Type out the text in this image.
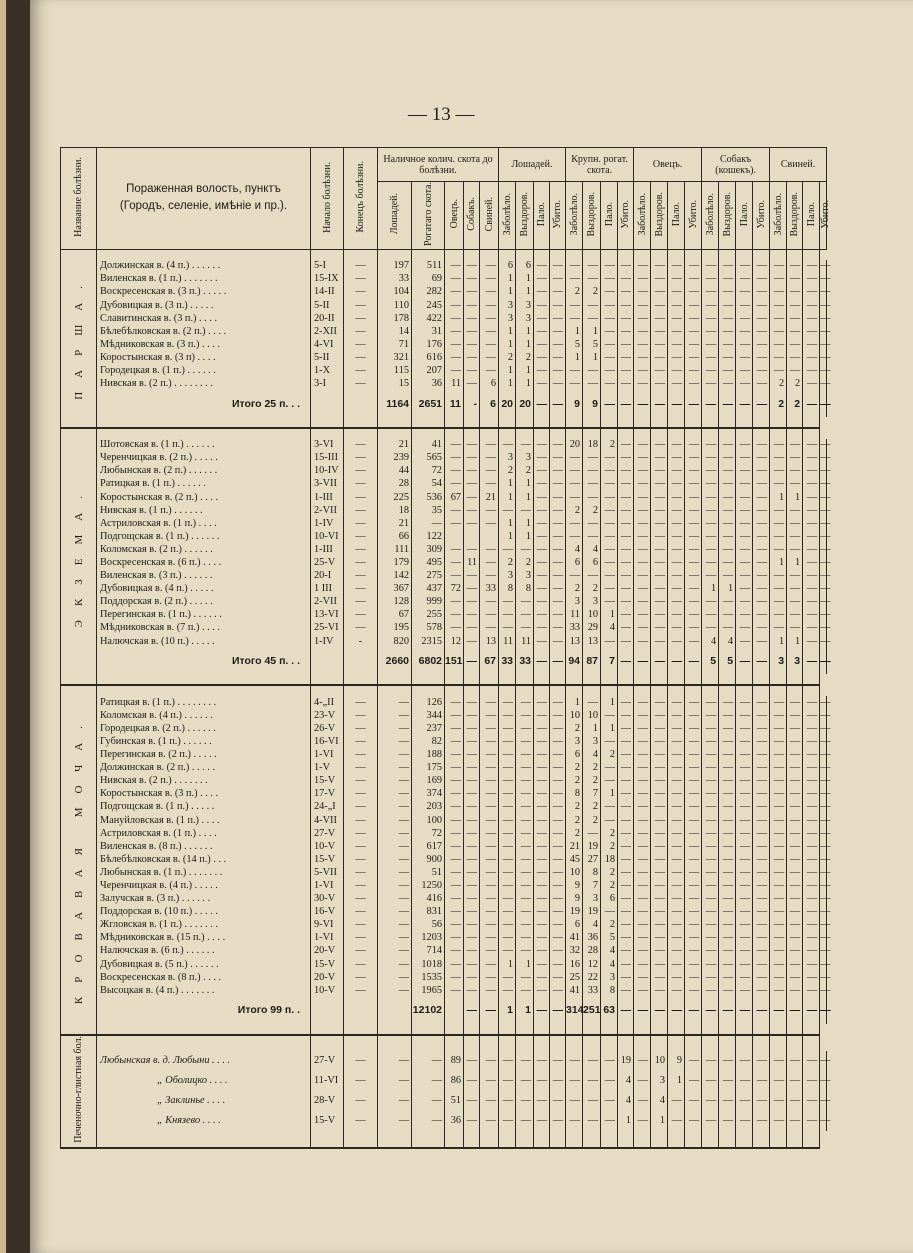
— 13 —
Название болѣзни.	Пораженная волость, пунктъ
(Городъ, селеніе, имѣніе и пр.).	Начало болѣзни.	Конецъ болѣзни.	Наличное колич. скота до болѣзни.					Лошадей.				Крупн. рогат. скота.				Овецъ.				Собакъ (кошекъ).				Свиней.			
				Лошадей.	Рогатаго скота.	Овецъ.	Собакъ.	Свиней.	Заболѣло.	Выздоров.	Пало.	Убито.	Заболѣло.	Выздоров.	Пало.	Убито.	Заболѣло.	Выздоров.	Пало.	Убито.	Заболѣло.	Выздоров.	Пало.	Убито.	Заболѣло.	Выздоров.	Пало.	Убито.
ПАРША.																												
	Должинская в. (4 п.) . . . . . .	5-I	—	197	511	—	—	—	6	6	—	—	—	—	—	—	—	—	—	—	—	—	—	—	—	—	—	—
	Виленская в. (1 п.) . . . . . . .	15-IX	—	33	69	—	—	—	1	1	—	—	—	—	—	—	—	—	—	—	—	—	—	—	—	—	—	—
	Воскресенская в. (3 п.) . . . . .	14-II	—	104	282	—	—	—	1	1	—	—	2	2	—	—	—	—	—	—	—	—	—	—	—	—	—	—
	Дубовицкая в. (3 п.) . . . . .	5-II	—	110	245	—	—	—	3	3	—	—	—	—	—	—	—	—	—	—	—	—	—	—	—	—	—	—
	Славитинская в. (3 п.) . . . .	20-II	—	178	422	—	—	—	3	3	—	—	—	—	—	—	—	—	—	—	—	—	—	—	—	—	—	—
	Бѣлебѣлковская в. (2 п.) . . . .	2-XII	—	14	31	—	—	—	1	1	—	—	1	1	—	—	—	—	—	—	—	—	—	—	—	—	—	—
	Мѣдниковская в. (3 п.) . . . .	4-VI	—	71	176	—	—	—	1	1	—	—	5	5	—	—	—	—	—	—	—	—	—	—	—	—	—	—
	Коростынская в. (3 п) . . . .	5-II	—	321	616	—	—	—	2	2	—	—	1	1	—	—	—	—	—	—	—	—	—	—	—	—	—	—
	Городецкая в. (1 п.) . . . . . .	1-X	—	115	207	—	—	—	1	1	—	—	—	—	—	—	—	—	—	—	—	—	—	—	—	—	—	—
	Нивская в. (2 п.) . . . . . . . .	3-I	—	15	36	11	—	6	1	1	—	—	—	—	—	—	—	—	—	—	—	—	—	—	2	2	—	—
	Итого 25 п. . .			1164	2651	11	-	6	20	20	—	—	9	9	—	—	—	—	—	—	—	—	—	—	2	2	—	—

ЭКЗЕМА.																												
	Шотовская в. (1 п.) . . . . . .	3-VI	—	21	41	—	—	—	—	—	—	—	20	18	2	—	—	—	—	—	—	—	—	—	—	—	—	—
	Черенчицкая в. (2 п.) . . . . .	15-III	—	239	565	—	—	—	3	3	—	—	—	—	—	—	—	—	—	—	—	—	—	—	—	—	—	—
	Любынская в. (2 п.) . . . . . .	10-IV	—	44	72	—	—	—	2	2	—	—	—	—	—	—	—	—	—	—	—	—	—	—	—	—	—	—
	Ратицкая в. (1 п.) . . . . . .	3-VII	—	28	54	—	—	—	1	1	—	—	—	—	—	—	—	—	—	—	—	—	—	—	—	—	—	—
	Коростынская в. (2 п.) . . . .	1-III	—	225	536	67	—	21	1	1	—	—	—	—	—	—	—	—	—	—	—	—	—	—	1	1	—	—
	Нивская в. (1 п.) . . . . . .	2-VII	—	18	35	—	—	—	—	—	—	—	2	2	—	—	—	—	—	—	—	—	—	—	—	—	—	—
	Астриловская в. (1 п.) . . . .	1-IV	—	21	—	—	—	—	1	1	—	—	—	—	—	—	—	—	—	—	—	—	—	—	—	—	—	—
	Подгощская в. (1 п.) . . . . . .	10-VI	—	66	122				1	1	—	—	—	—	—	—	—	—	—	—	—	—	—	—	—	—	—	—
	Коломская в. (2 п.) . . . . . .	1-III	—	111	309	—	—	—	—	—	—	—	4	4	—	—	—	—	—	—	—	—	—	—	—	—	—	—
	Воскресенская в. (6 п.) . . . .	25-V	—	179	495	—	11	—	2	2	—	—	6	6	—	—	—	—	—	—	—	—	—	—	1	1	—	—
	Виленская в. (3 п.) . . . . . .	20-I	—	142	275	—	—	—	3	3	—	—	—	—	—	—	—	—	—	—	—	—	—	—	—	—	—	—
	Дубовицкая в. (4 п.) . . . . .	1 III	—	367	437	72	—	33	8	8	—	—	2	2	—	—	—	—	—	—	1	1	—	—	—	—	—	—
	Поддорская в. (2 п.) . . . . .	2-VII	—	128	999	—	—	—	—	—	—	—	3	3	—	—	—	—	—	—	—	—	—	—	—	—	—	—
	Перегинская в. (1 п.) . . . . . .	13-VI	—	67	255	—	—	—	—	—	—	—	11	10	1	—	—	—	—	—	—	—	—	—	—	—	—	—
	Мѣдниковская в. (7 п.) . . . .	25-VI	—	195	578	—	—	—	—	—	—	—	33	29	4	—	—	—	—	—	—	—	—	—	—	—	—	—
	Налючская в. (10 п.) . . . . .	1-IV	-	820	2315	12	—	13	11	11	—	—	13	13	—	—	—	—	—	—	4	4	—	—	1	1	—	—
	Итого 45 п. . .			2660	6802	151	—	67	33	33	—	—	94	87	7	—	—	—	—	—	5	5	—	—	3	3	—	—

КРОВАВАЯ МОЧА.																												
	Ратицкая в. (1 п.) . . . . . . . .	4-„II	—	—	126	—	—	—	—	—	—	—	1	—	1	—	—	—	—	—	—	—	—	—	—	—	—	—
	Коломская в. (4 п.) . . . . . .	23-V	—	—	344	—	—	—	—	—	—	—	10	10	—	—	—	—	—	—	—	—	—	—	—	—	—	—
	Городецкая в. (2 п.) . . . . . .	26-V	—	—	237	—	—	—	—	—	—	—	2	1	1	—	—	—	—	—	—	—	—	—	—	—	—	—
	Губинская в. (1 п.) . . . . . .	16-VI	—	—	82	—	—	—	—	—	—	—	3	3	—	—	—	—	—	—	—	—	—	—	—	—	—	—
	Перегинская в. (2 п.) . . . . .	1-VI	—	—	188	—	—	—	—	—	—	—	6	4	2	—	—	—	—	—	—	—	—	—	—	—	—	—
	Должинская в. (2 п.) . . . . .	1-V	—	—	175	—	—	—	—	—	—	—	2	2	—	—	—	—	—	—	—	—	—	—	—	—	—	—
	Нивская в. (2 п.) . . . . . . .	15-V	—	—	169	—	—	—	—	—	—	—	2	2	—	—	—	—	—	—	—	—	—	—	—	—	—	—
	Коростынская в. (3 п.) . . . .	17-V	—	—	374	—	—	—	—	—	—	—	8	7	1	—	—	—	—	—	—	—	—	—	—	—	—	—
	Подгощская в. (1 п.) . . . . .	24-„I	—	—	203	—	—	—	—	—	—	—	2	2	—	—	—	—	—	—	—	—	—	—	—	—	—	—
	Мануйловская в. (1 п.) . . . .	4-VII	—	—	100	—	—	—	—	—	—	—	2	2	—	—	—	—	—	—	—	—	—	—	—	—	—	—
	Астриловская в. (1 п.) . . . .	27-V	—	—	72	—	—	—	—	—	—	—	2	—	2	—	—	—	—	—	—	—	—	—	—	—	—	—
	Виленская в. (8 п.) . . . . . .	10-V	—	—	617	—	—	—	—	—	—	—	21	19	2	—	—	—	—	—	—	—	—	—	—	—	—	—
	Бѣлебѣлковская в. (14 п.) . . .	15-V	—	—	900	—	—	—	—	—	—	—	45	27	18	—	—	—	—	—	—	—	—	—	—	—	—	—
	Любынская в. (1 п.) . . . . . . .	5-VII	—	—	51	—	—	—	—	—	—	—	10	8	2	—	—	—	—	—	—	—	—	—	—	—	—	—
	Черенчицкая в. (4 п.) . . . . .	1-VI	—	—	1250	—	—	—	—	—	—	—	9	7	2	—	—	—	—	—	—	—	—	—	—	—	—	—
	Залучская в. (3 п.) . . . . . .	30-V	—	—	416	—	—	—	—	—	—	—	9	3	6	—	—	—	—	—	—	—	—	—	—	—	—	—
	Поддорская в. (10 п.) . . . . .	16-V	—	—	831	—	—	—	—	—	—	—	19	19	—	—	—	—	—	—	—	—	—	—	—	—	—	—
	Жгловская в. (1 п.) . . . . . . .	9-VI	—	—	56	—	—	—	—	—	—	—	6	4	2	—	—	—	—	—	—	—	—	—	—	—	—	—
	Мѣдниковская в. (15 п.) . . . .	1-VI	—	—	1203	—	—	—	—	—	—	—	41	36	5	—	—	—	—	—	—	—	—	—	—	—	—	—
	Налючская в. (6 п.) . . . . . .	20-V	—	—	714	—	—	—	—	—	—	—	32	28	4	—	—	—	—	—	—	—	—	—	—	—	—	—
	Дубовицкая в. (5 п.) . . . . . .	15-V	—	—	1018	—	—	—	1	1	—	—	16	12	4	—	—	—	—	—	—	—	—	—	—	—	—	—
	Воскресенская в. (8 п.) . . . .	20-V	—	—	1535	—	—	—	—	—	—	—	25	22	3	—	—	—	—	—	—	—	—	—	—	—	—	—
	Высоцкая в. (4 п.) . . . . . . .	10-V	—	—	1965	—	—	—	—	—	—	—	41	33	8	—	—	—	—	—	—	—	—	—	—	—	—	—
	Итого 99 п. .				12102		—	—	1	1	—	—	314	251	63	—	—	—	—	—	—	—	—	—	—	—	—	—

Печеночно-глистная бол.																												
	Любынская в. д. Любыни . . . .	27-V	—	—	—	89	—	—	—	—	—	—	—	—	—	19	—	10	9	—	—	—	—	—	—	—	—	—
	„ Оболицко . . . .	11-VI	—	—	—	86	—	—	—	—	—	—	—	—	—	4	—	3	1	—	—	—	—	—	—	—	—	—
	„ Заклинье . . . .	28-V	—	—	—	51	—	—	—	—	—	—	—	—	—	4	—	4	—	—	—	—	—	—	—	—	—	—
	„ Князево . . . .	15-V	—	—	—	36	—	—	—	—	—	—	—	—	—	1	—	1	—	—	—	—	—	—	—	—	—	—
